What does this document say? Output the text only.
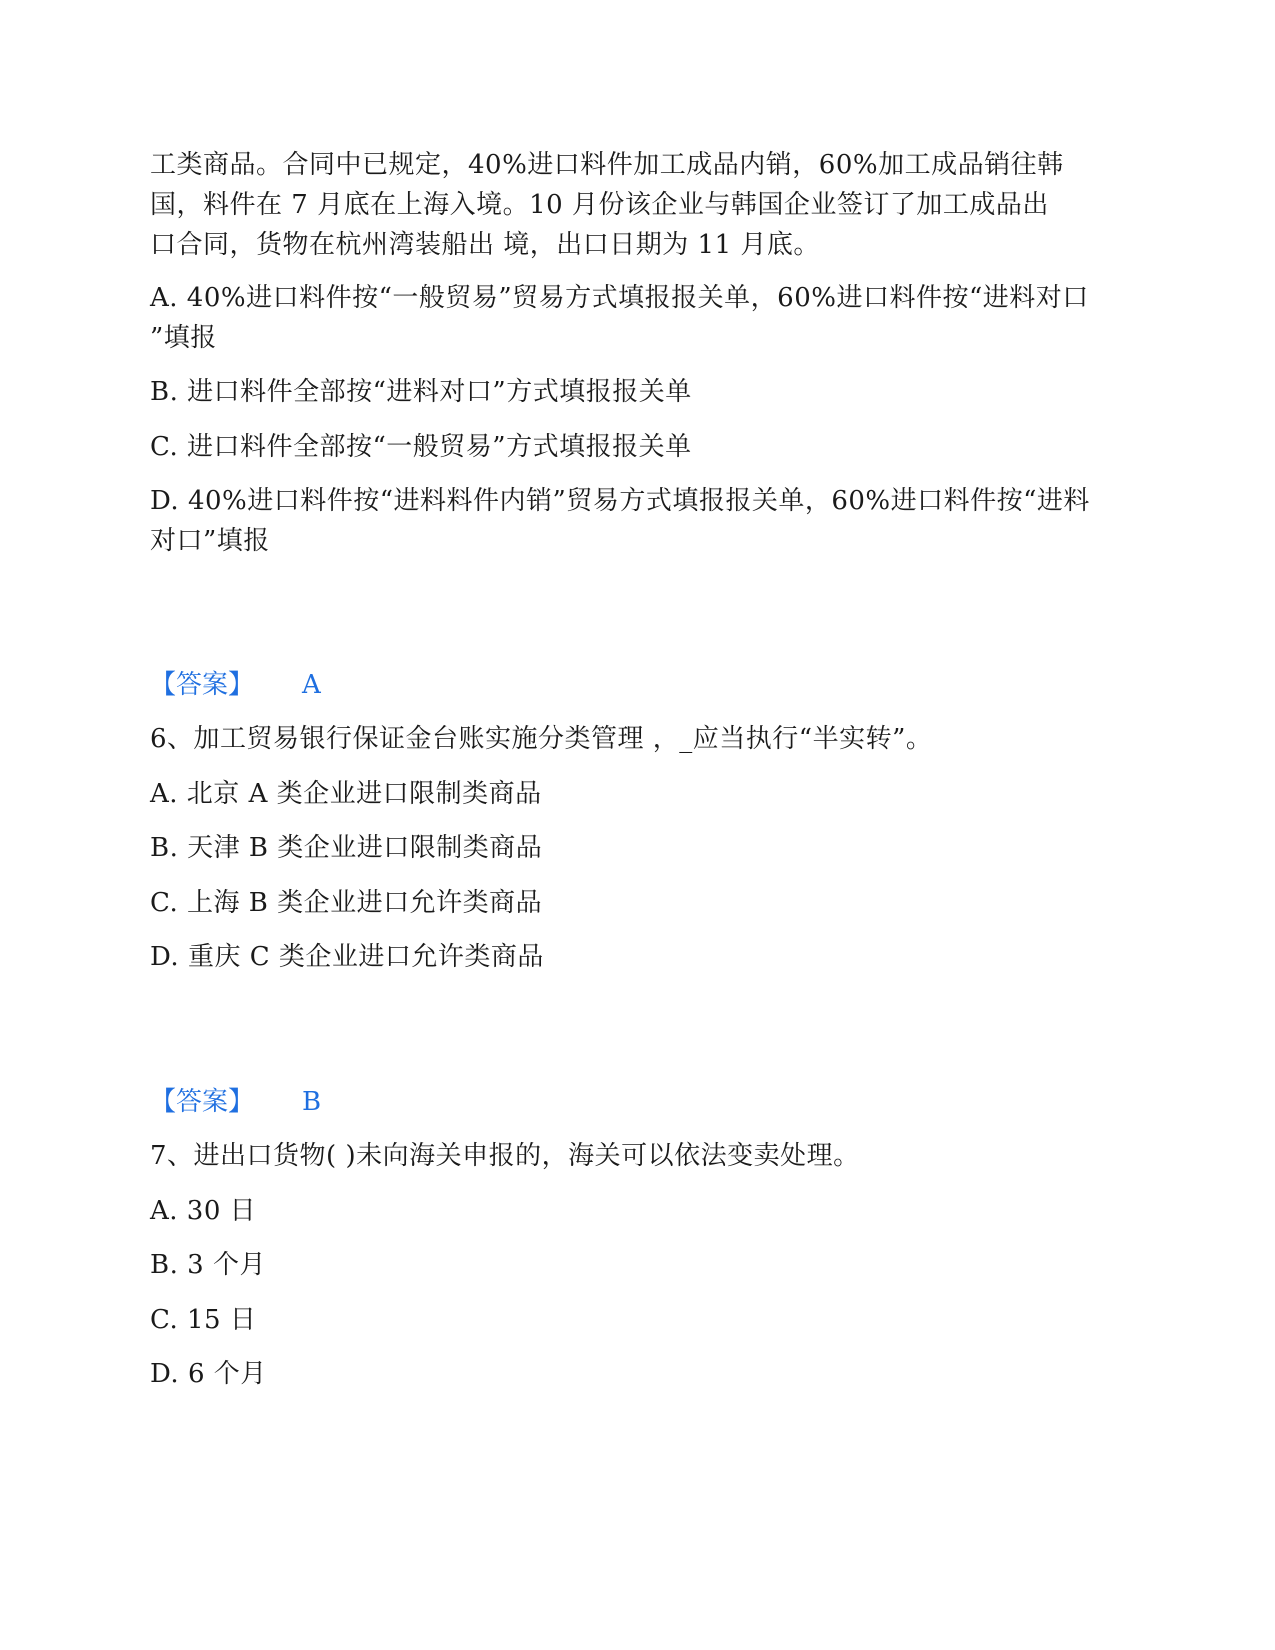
工类商品。合同中已规定，40%进口料件加工成品内销，60%加工成品销往韩
国，料件在 7 月底在上海入境。10 月份该企业与韩国企业签订了加工成品出
口合同，货物在杭州湾装船出 境，出口日期为 11 月底。
A. 40%进口料件按“一般贸易”贸易方式填报报关单，60%进口料件按“进料对口
”填报
B. 进口料件全部按“进料对口”方式填报报关单
C. 进口料件全部按“一般贸易”方式填报报关单
D. 40%进口料件按“进料料件内销”贸易方式填报报关单，60%进口料件按“进料
对口”填报
【答案】 A
6、加工贸易银行保证金台账实施分类管理 ，_应当执行“半实转”。
A. 北京 A 类企业进口限制类商品
B. 天津 B 类企业进口限制类商品
C. 上海 B 类企业进口允许类商品
D. 重庆 C 类企业进口允许类商品
【答案】 B
7、进出口货物( )未向海关申报的，海关可以依法变卖处理。
A. 30 日
B. 3 个月
C. 15 日
D. 6 个月
